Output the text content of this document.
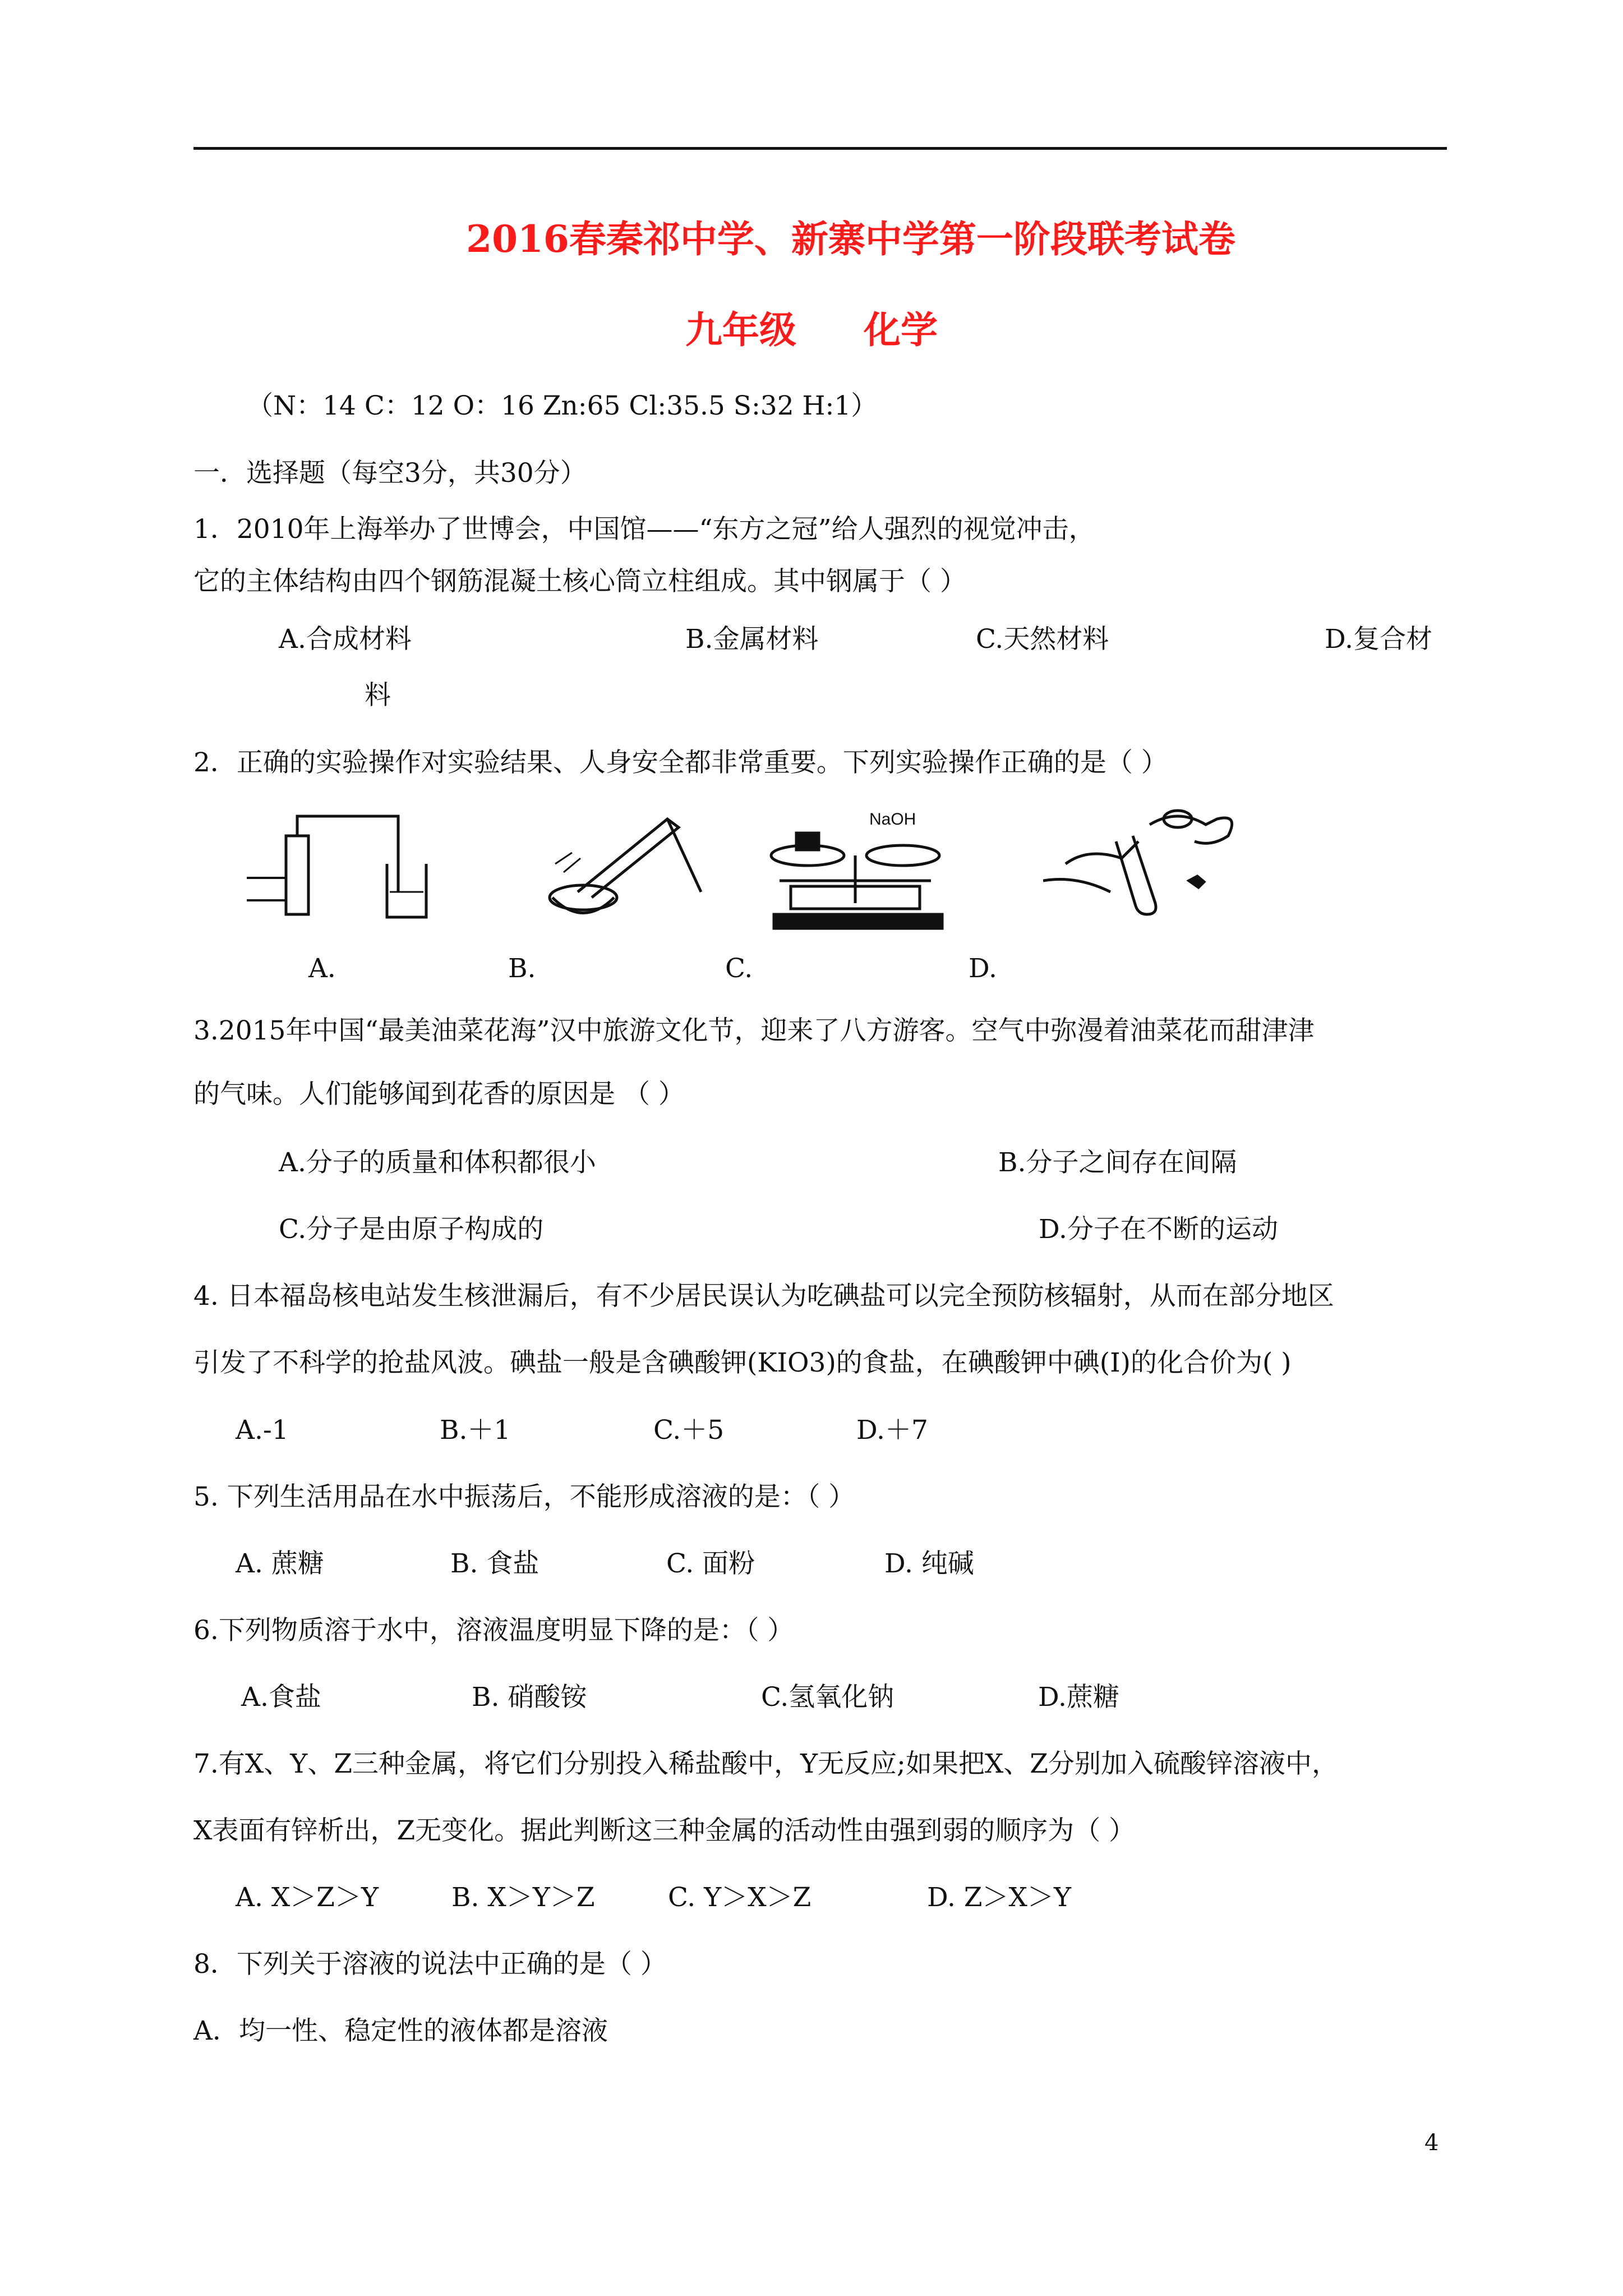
2016春秦祁中学、新寨中学第一阶段联考试卷
九年级 化学
（N：14 C：12 O：16 Zn:65 Cl:35.5 S:32 H:1）
一．选择题（每空3分，共30分）
1．2010年上海举办了世博会，中国馆——“东方之冠”给人强烈的视觉冲击，
它的主体结构由四个钢筋混凝土核心筒立柱组成。其中钢属于（ ）
A.合成材料	B.金属材料	C.天然材料	D.复合材
料
2．正确的实验操作对实验结果、人身安全都非常重要。下列实验操作正确的是（ ）
NaOH
A．	B.	C.	D.
3.2015年中国“最美油菜花海”汉中旅游文化节，迎来了八方游客。空气中弥漫着油菜花而甜津津
的气味。人们能够闻到花香的原因是 （ ）
A.分子的质量和体积都很小	B.分子之间存在间隔
C.分子是由原子构成的	D.分子在不断的运动
4. 日本福岛核电站发生核泄漏后，有不少居民误认为吃碘盐可以完全预防核辐射，从而在部分地区
引发了不科学的抢盐风波。碘盐一般是含碘酸钾(KIO3)的食盐，在碘酸钾中碘(I)的化合价为( )
A.-1	B.＋1	C.＋5	D.＋7
5. 下列生活用品在水中振荡后，不能形成溶液的是：（ ）
A. 蔗糖	B. 食盐	C. 面粉	D. 纯碱
6.下列物质溶于水中，溶液温度明显下降的是：（ ）
A.食盐	B. 硝酸铵	C.氢氧化钠	D.蔗糖
7.有X、Y、Z三种金属，将它们分别投入稀盐酸中，Y无反应;如果把X、Z分别加入硫酸锌溶液中，
X表面有锌析出，Z无变化。据此判断这三种金属的活动性由强到弱的顺序为（ ）
A. X＞Z＞Y	B. X＞Y＞Z	C. Y＞X＞Z	D. Z＞X＞Y
8．下列关于溶液的说法中正确的是（ ）
A．均一性、稳定性的液体都是溶液
4
